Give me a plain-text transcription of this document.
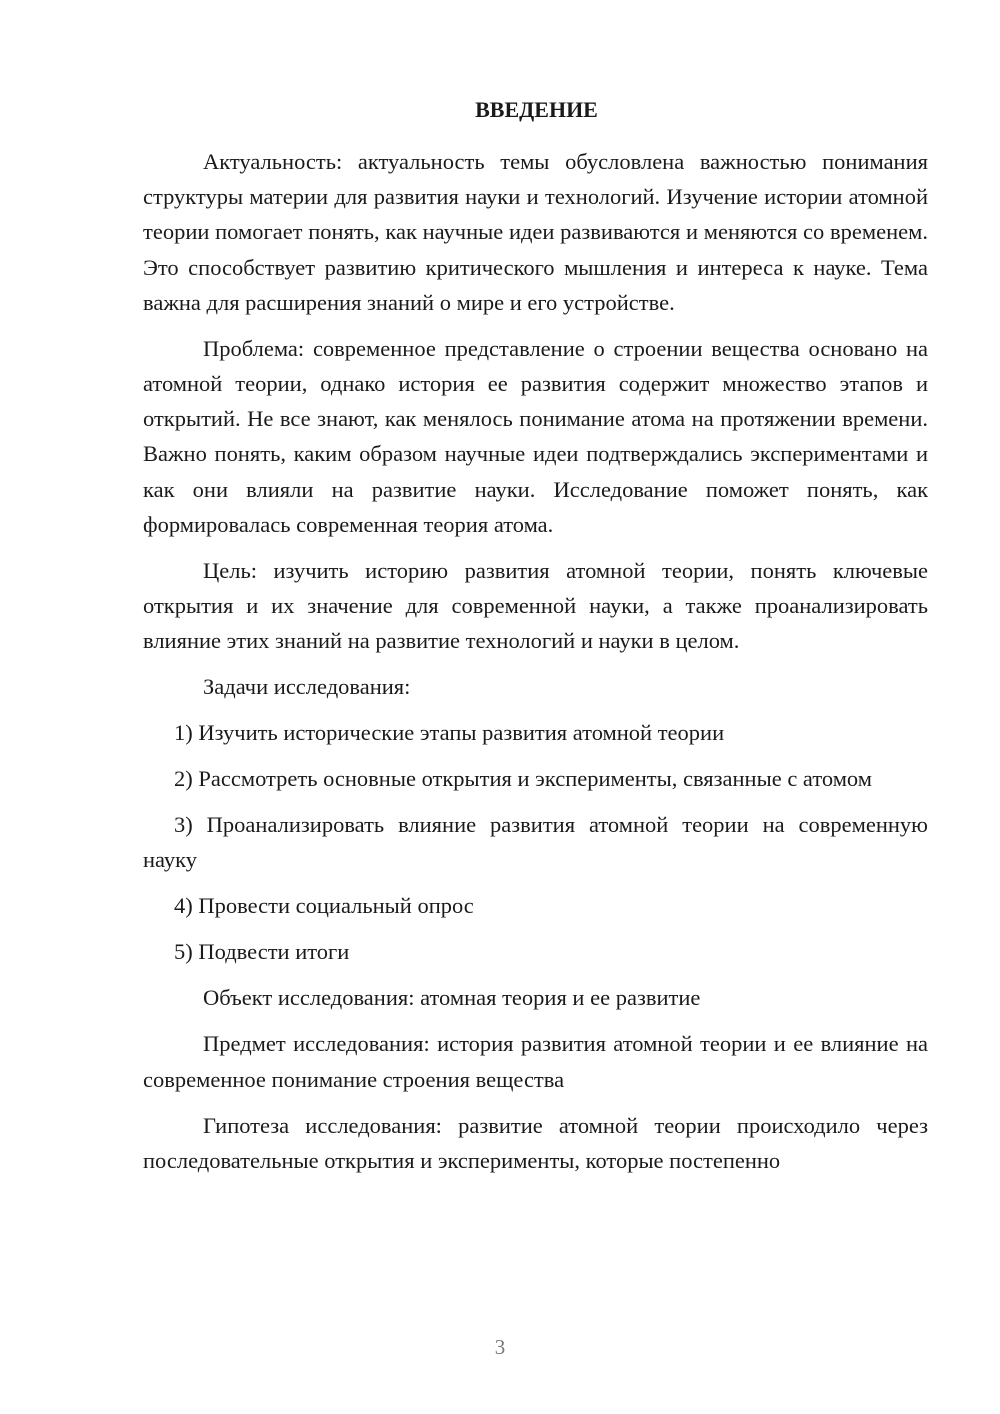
ВВЕДЕНИЕ

Актуальность: актуальность темы обусловлена важностью понимания структуры материи для развития науки и технологий. Изучение истории атомной теории помогает понять, как научные идеи развиваются и меняются со временем. Это способствует развитию критического мышления и интереса к науке. Тема важна для расширения знаний о мире и его устройстве.

Проблема: современное представление о строении вещества основано на атомной теории, однако история ее развития содержит множество этапов и открытий. Не все знают, как менялось понимание атома на протяжении времени. Важно понять, каким образом научные идеи подтверждались экспериментами и как они влияли на развитие науки. Исследование поможет понять, как формировалась современная теория атома.

Цель: изучить историю развития атомной теории, понять ключевые открытия и их значение для современной науки, а также проанализировать влияние этих знаний на развитие технологий и науки в целом.

Задачи исследования:

1) Изучить исторические этапы развития атомной теории

2) Рассмотреть основные открытия и эксперименты, связанные с атомом

3) Проанализировать влияние развития атомной теории на современную науку

4) Провести социальный опрос

5) Подвести итоги

Объект исследования: атомная теория и ее развитие

Предмет исследования: история развития атомной теории и ее влияние на современное понимание строения вещества

Гипотеза исследования: развитие атомной теории происходило через последовательные открытия и эксперименты, которые постепенно

3
